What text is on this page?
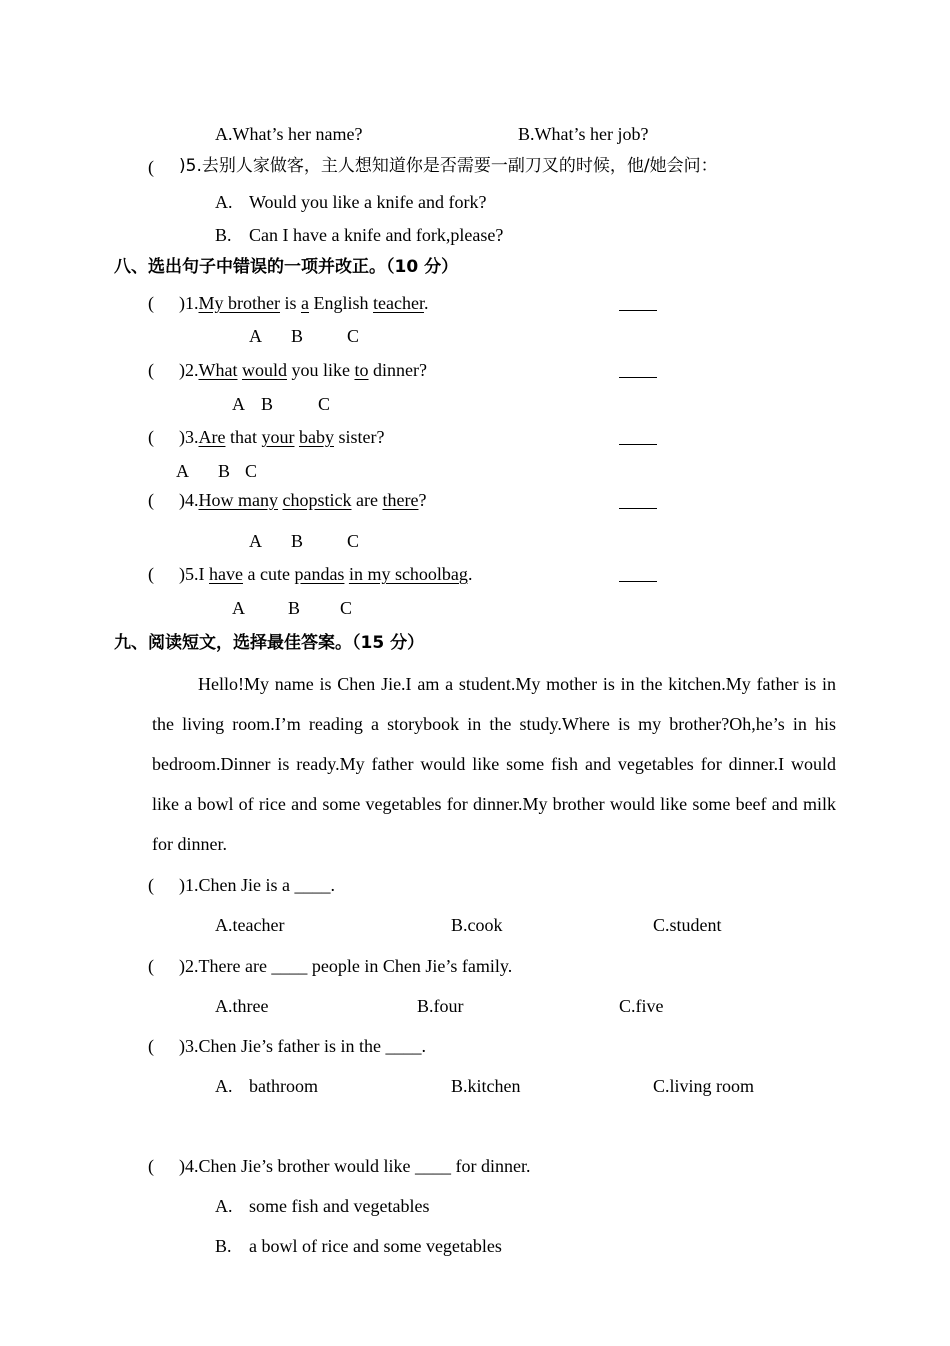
A.What’s her name?	B.What’s her job?
( )5.去别人家做客，主人想知道你是否需要一副刀叉的时候，他/她会问：
A. Would you like a knife and fork?
B. Can I have a knife and fork,please?
八、选出句子中错误的一项并改正。（10 分）
( )1.My brother is a English teacher.
A B C
( )2.What would you like to dinner?
A B C
( )3.Are that your baby sister?
A B C
( )4.How many chopstick are there?
A B C
( )5.I have a cute pandas in my schoolbag.
A B C
九、阅读短文，选择最佳答案。（15 分）
Hello!My name is Chen Jie.I am a student.My mother is in the kitchen.My father is in the living room.I’m reading a storybook in the study.Where is my brother?Oh,he’s in his bedroom.Dinner is ready.My father would like some fish and vegetables for dinner.I would like a bowl of rice and some vegetables for dinner.My brother would like some beef and milk for dinner.
( )1.Chen Jie is a ____.
A.teacher	B.cook	C.student
( )2.There are ____ people in Chen Jie’s family.
A.three	B.four	C.five
( )3.Chen Jie’s father is in the ____.
A. bathroom	B.kitchen	C.living room
( )4.Chen Jie’s brother would like ____ for dinner.
A. some fish and vegetables
B. a bowl of rice and some vegetables
